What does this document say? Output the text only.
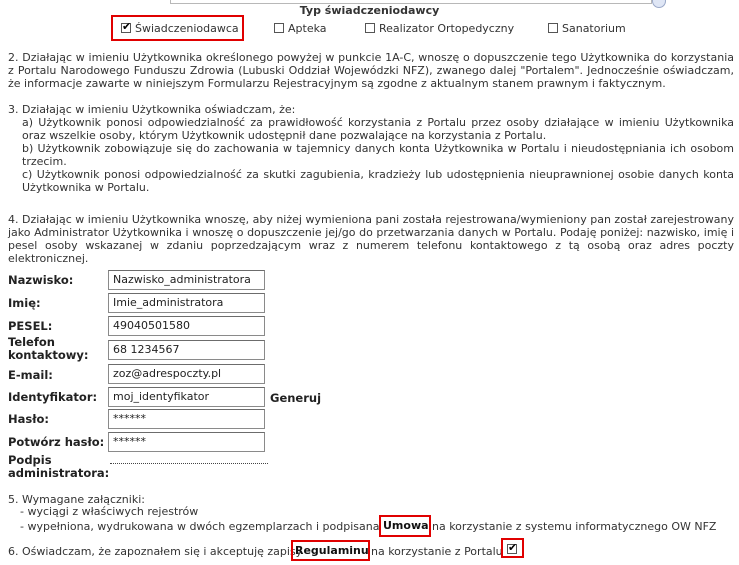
Typ świadczeniodawcy
✔ Świadczeniodawca	Apteka	Realizator Ortopedyczny	Sanatorium

2. Działając w imieniu Użytkownika określonego powyżej w punkcie 1A-C, wnoszę o dopuszczenie tego Użytkownika do korzystania z Portalu Narodowego Funduszu Zdrowia (Lubuski Oddział Wojewódzki NFZ), zwanego dalej "Portalem". Jednocześnie oświadczam, że informacje zawarte w niniejszym Formularzu Rejestracyjnym są zgodne z aktualnym stanem prawnym i faktycznym.

3. Działając w imieniu Użytkownika oświadczam, że:

a) Użytkownik ponosi odpowiedzialność za prawidłowość korzystania z Portalu przez osoby działające w imieniu Użytkownika oraz wszelkie osoby, którym Użytkownik udostępnił dane pozwalające na korzystania z Portalu.

b) Użytkownik zobowiązuje się do zachowania w tajemnicy danych konta Użytkownika w Portalu i nieudostępniania ich osobom trzecim.

c) Użytkownik ponosi odpowiedzialność za skutki zagubienia, kradzieży lub udostępnienia nieuprawnionej osobie danych konta Użytkownika w Portalu.

4. Działając w imieniu Użytkownika wnoszę, aby niżej wymieniona pani została rejestrowana/wymieniony pan został zarejestrowany jako Administrator Użytkownika i wnoszę o dopuszczenie jej/go do przetwarzania danych w Portalu. Podaję poniżej: nazwisko, imię i pesel osoby wskazanej w zdaniu poprzedzającym wraz z numerem telefonu kontaktowego z tą osobą oraz adres poczty elektronicznej.

Nazwisko:	Nazwisko_administratora
Imię:	Imie_administratora
PESEL:	49040501580
Telefon
kontaktowy:	68 1234567
E-mail:	zoz@adrespoczty.pl
Identyfikator:	moj_identyfikator	Generuj
Hasło:	******
Potwórz hasło: ******
Podpis
administratora:

5. Wymagane załączniki:

- wyciągi z właściwych rejestrów

- wypełniona, wydrukowana w dwóch egzemplarzach i podpisana Umowa na korzystanie z systemu informatycznego OW NFZ
6. Oświadczam, że zapoznałem się i akceptuję zapisy
Regulaminu na korzystanie z Portalu ✔
